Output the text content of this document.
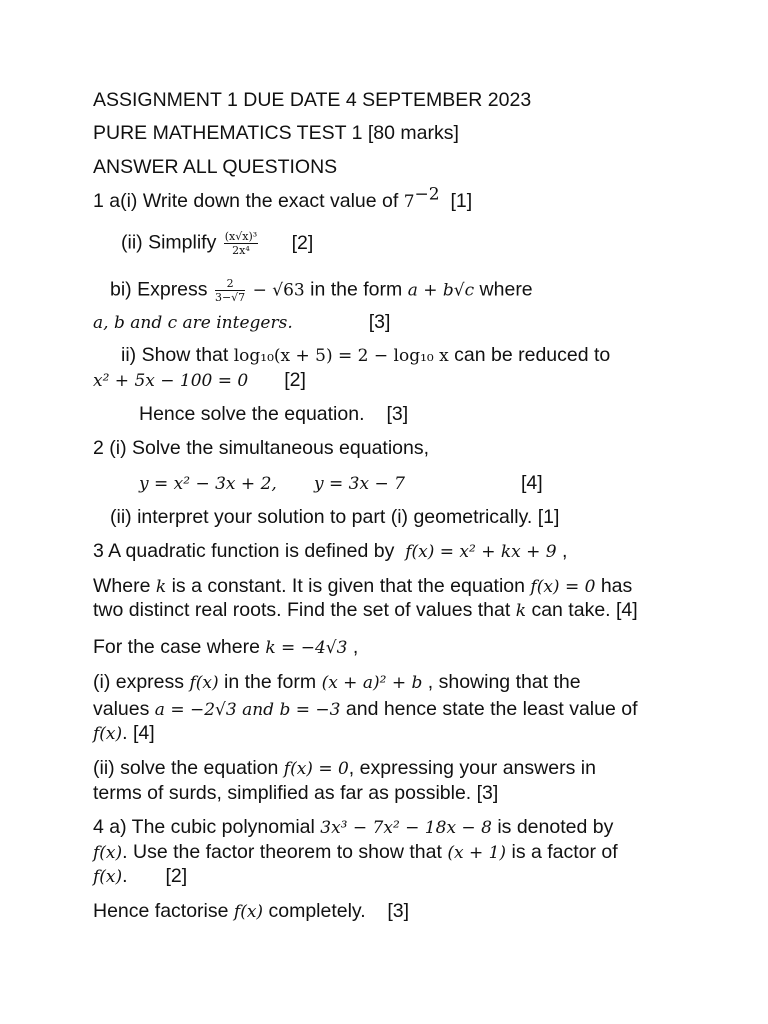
ASSIGNMENT 1 DUE DATE 4 SEPTEMBER 2023
PURE MATHEMATICS TEST 1 [80 marks]
ANSWER ALL QUESTIONS
1 a(i) Write down the exact value of $7^{-2}$ [1]
(ii) Simplify $\frac{\text{(x√x)³}}{\text{2x⁴}} [2]$
bi) Express $\frac{2}{3-√7} - √63$ in the form a + b√c where
a, b and c are integers.	[3]
ii) Show that log₁₀(x + 5) = 2 − log₁₀ x can be reduced to
x² + 5x − 100 = 0 [2]
Hence solve the equation. [3]
2 (i) Solve the simultaneous equations,
y = x² − 3x + 2, y = 3x − 7	[4]
(ii) interpret your solution to part (i) geometrically. [1]
3 A quadratic function is defined by  f(x) = x² + kx + 9 ,
Where k is a constant. It is given that the equation f(x) = 0 has
two distinct real roots. Find the set of values that k can take. [4]
For the case where k = −4√3 ,
(i) express f(x) in the form (x + a)² + b , showing that the
values a = −2√3 and b = −3 and hence state the least value of
f(x). [4]
(ii) solve the equation f(x) = 0, expressing your answers in
terms of surds, simplified as far as possible. [3]
4 a) The cubic polynomial 3x³ − 7x² − 18x − 8 is denoted by
f(x). Use the factor theorem to show that (x + 1) is a factor of
f(x).       [2]
Hence factorise f(x) completely.    [3]
